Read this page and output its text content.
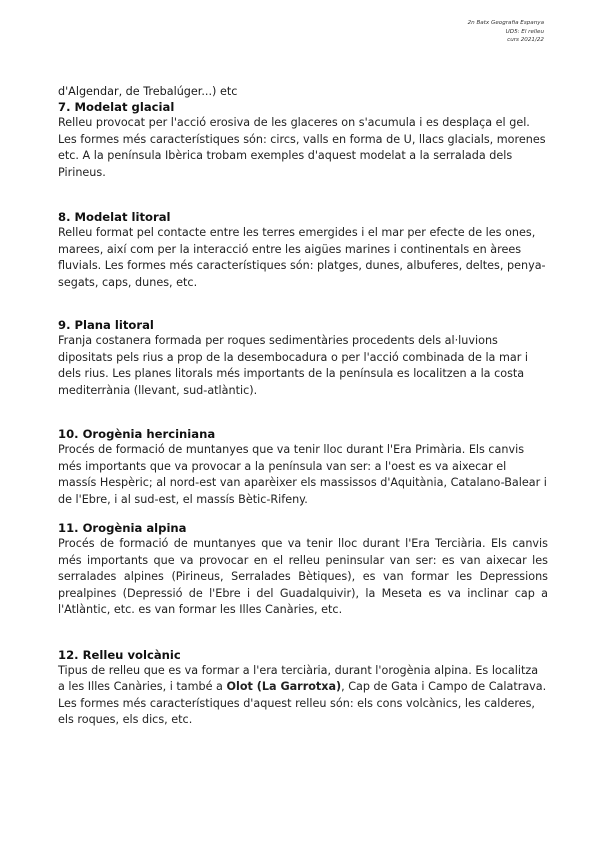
2n Batx Geografia Espanya
UD5: El relleu
curs 2021/22

d'Algendar, de Trebalúger...) etc

7. Modelat glacial

Relleu provocat per l'acció erosiva de les glaceres on s'acumula i es desplaça el gel. Les formes més característiques són: circs, valls en forma de U, llacs glacials, morenes etc. A la península Ibèrica trobam exemples d'aquest modelat a la serralada dels Pirineus.

8. Modelat litoral

Relleu format pel contacte entre les terres emergides i el mar per efecte de les ones, marees, així com per la interacció entre les aigües marines i continentals en àrees fluvials. Les formes més característiques són: platges, dunes, albuferes, deltes, penya-segats, caps, dunes, etc.

9. Plana litoral

Franja costanera formada per roques sedimentàries procedents dels al·luvions dipositats pels rius a prop de la desembocadura o per l'acció combinada de la mar i dels rius. Les planes litorals més importants de la península es localitzen a la costa mediterrània (llevant, sud-atlàntic).

10. Orogènia herciniana

Procés de formació de muntanyes que va tenir lloc durant l'Era Primària. Els canvis més importants que va provocar a la península van ser: a l'oest es va aixecar el massís Hespèric; al nord-est van aparèixer els massissos d'Aquitània, Catalano-Balear i de l'Ebre, i al sud-est, el massís Bètic-Rifeny.

11. Orogènia alpina

Procés de formació de muntanyes que va tenir lloc durant l'Era Terciària. Els canvis més importants que va provocar en el relleu peninsular van ser: es van aixecar les serralades alpines (Pirineus, Serralades Bètiques), es van formar les Depressions prealpines (Depressió de l'Ebre i del Guadalquivir), la Meseta es va inclinar cap a l'Atlàntic, etc. es van formar les Illes Canàries, etc.

12. Relleu volcànic

Tipus de relleu que es va formar a l'era terciària, durant l'orogènia alpina. Es localitza a les Illes Canàries, i també a Olot (La Garrotxa), Cap de Gata i Campo de Calatrava. Les formes més característiques d'aquest relleu són: els cons volcànics, les calderes, els roques, els dics, etc.
